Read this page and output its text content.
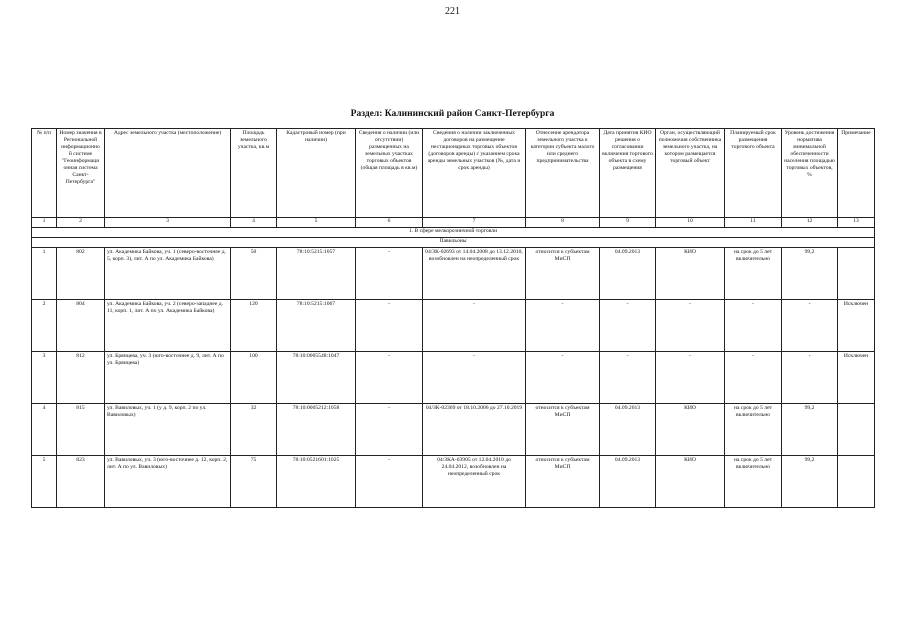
221
Раздел: Калининский район Санкт-Петербурга
№ п/п	Номер значения в Региональной информационно й системе "Геоинформаци онная система Санкт-Петербурга"	Адрес земельного участка (местоположение)	Площадь земельного участка, кв.м	Кадастровый номер (при наличии)	Сведения о наличии (или отсутствии) размещенных на земельных участках торговых объектов (общая площадь в кв.м)	Сведения о наличии заключенных договоров на размещение нестационарных торговых объектов (договоров аренды) с указанием срока аренды земельных участков (№, дата и срок аренды)	Отнесение арендатора земельного участка к категории субъекта малого или среднего предпринимательства	Дата принятия КИО решения о согласовании включения торгового объекта в схему размещения	Орган, осуществляющий полномочия собственника земельного участка, на котором размещается торговый объект	Планируемый срок размещения торгового объекта	Уровень достижения норматива минимальной обеспеченности населения площадью торговых объектов, %	Примечание
1	2	3	4	5	6	7	8	9	10	11	12	13
1. В сфере мелкорозничной торговли												
Павильоны												
1	802	ул. Академика Байкова, уч. 1 (северо-восточнее д. 5, корп. 3), лит. А по ул. Академика Байкова)	50	78:10:5215:1057	-	04/ЗК-02693 от 14.04.2008 до 13.12.2010, возобновлен на неопределенный срок	относится к субъектам МиСП	04.09.2013	КИО	на срок до 5 лет включительно	99,2	
2	804	ул. Академика Байкова, уч. 2 (северо-западнее д. 11, корп. 1, лит. А по ул. Академика Байкова)	120	78:10:5215:1067	-	-	-	-	-	-	-	Исключен
3	812	ул. Брянцева, уч. 3 (юго-восточнее д. 9, лит. А по ул. Брянцева)	100	78:10:0005548:1047	-	-	-	-	-	-	-	Исключен
4	815	ул. Вавиловых, уч. 1 (у д. 9, корп. 2 по ул. Вавиловых)	32	78:10:0005212:1058	-	04/ЗК-02369 от 18.10.2006 до 27.10.2019	относится к субъектам МиСП	04.09.2013	КИО	на срок до 5 лет включительно	99,2	
5	823	ул. Вавиловых, уч. 3 (юго-восточнее д. 12, корп. 2, лит. А по ул. Вавиловых)	75	78:10:0521601:1025	-	04/ЗКА-03905 от 12.04.2010 до 24.04.2012, возобновлен на неопределенный срок	относится к субъектам МиСП	04.09.2013	КИО	на срок до 5 лет включительно	99,2	
